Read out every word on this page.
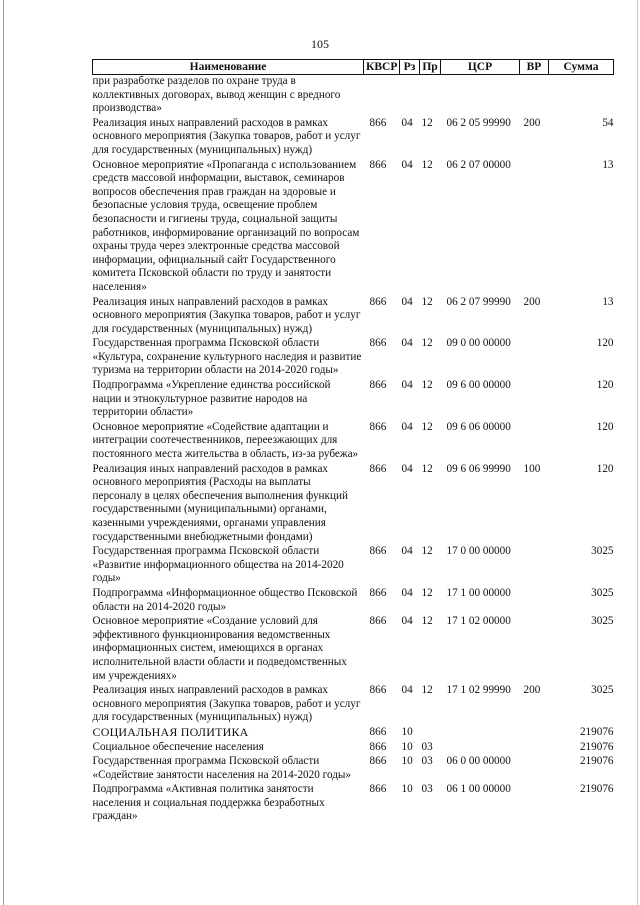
105
Наименование	КВСР	Рз	Пр	ЦСР	ВР	Сумма
при разработке разделов по охране труда в коллективных договорах, вывод женщин с вредного производства»						
Реализация иных направлений расходов в рамках основного мероприятия (Закупка товаров, работ и услуг для государственных (муниципальных) нужд)	866	04	12	06 2 05 99990	200	54
Основное мероприятие «Пропаганда с использованием средств массовой информации, выставок, семинаров вопросов обеспечения прав граждан на здоровые и безопасные условия труда, освещение проблем безопасности и гигиены труда, социальной защиты работников, информирование организаций по вопросам охраны труда через электронные средства массовой информации, официальный сайт Государственного комитета Псковской области по труду и занятости населения»	866	04	12	06 2 07 00000		13
Реализация иных направлений расходов в рамках основного мероприятия (Закупка товаров, работ и услуг для государственных (муниципальных) нужд)	866	04	12	06 2 07 99990	200	13
Государственная программа Псковской области «Культура, сохранение культурного наследия и развитие туризма на территории области на 2014-2020 годы»	866	04	12	09 0 00 00000		120
Подпрограмма «Укрепление единства российской нации и этнокультурное развитие народов на территории области»	866	04	12	09 6 00 00000		120
Основное мероприятие «Содействие адаптации и интеграции соотечественников, переезжающих для постоянного места жительства в область, из-за рубежа»	866	04	12	09 6 06 00000		120
Реализация иных направлений расходов в рамках основного мероприятия (Расходы на выплаты персоналу в целях обеспечения выполнения функций государственными (муниципальными) органами, казенными учреждениями, органами управления государственными внебюджетными фондами)	866	04	12	09 6 06 99990	100	120
Государственная программа Псковской области «Развитие информационного общества на 2014-2020 годы»	866	04	12	17 0 00 00000		3025
Подпрограмма «Информационное общество Псковской области на 2014-2020 годы»	866	04	12	17 1 00 00000		3025
Основное мероприятие «Создание условий для эффективного функционирования ведомственных информационных систем, имеющихся в органах исполнительной власти области и подведомственных им учреждениях»	866	04	12	17 1 02 00000		3025
Реализация иных направлений расходов в рамках основного мероприятия (Закупка товаров, работ и услуг для государственных (муниципальных) нужд)	866	04	12	17 1 02 99990	200	3025
СОЦИАЛЬНАЯ ПОЛИТИКА	866	10				219076
Социальное обеспечение населения	866	10	03			219076
Государственная программа Псковской области «Содействие занятости населения на 2014-2020 годы»	866	10	03	06 0 00 00000		219076
Подпрограмма «Активная политика занятости населения и социальная поддержка безработных граждан»	866	10	03	06 1 00 00000		219076
